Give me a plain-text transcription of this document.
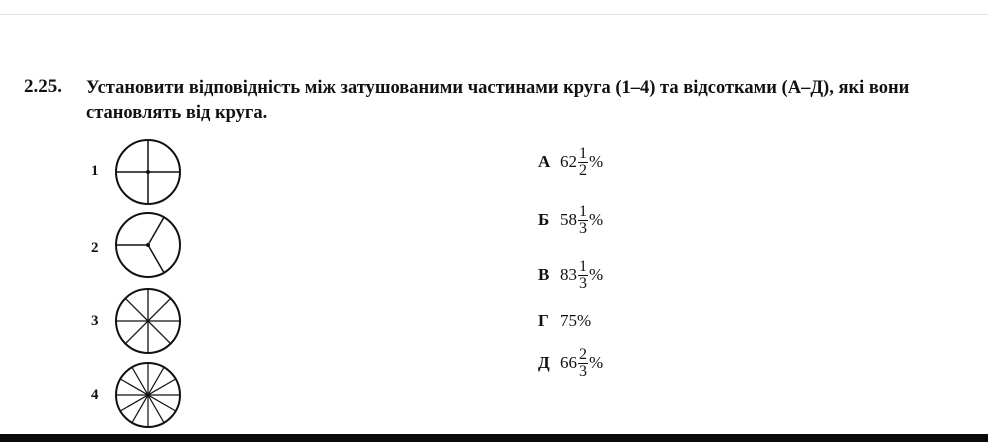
2.25. Установити відповідність між затушованими частинами круга (1–4) та відсотками (А–Д), які вони становлять від круга.
1
2
3
4
А $62 \frac{1}{2}$ %
Б $58 \frac{1}{3}$ %
В $83 \frac{1}{3}$ %
Г 75%
Д $66 \frac{2}{3}$ %
